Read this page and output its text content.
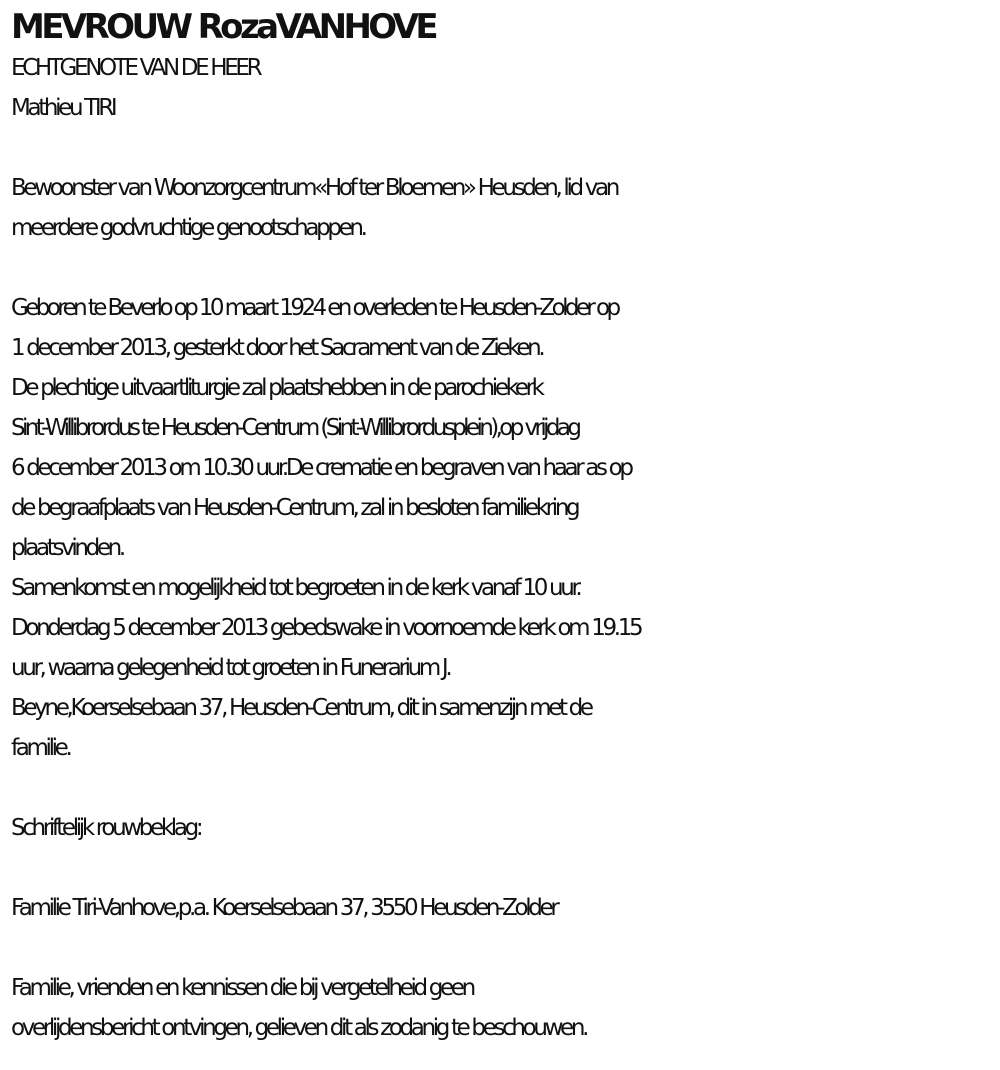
MEVROUW RozaVANHOVE
ECHTGENOTE VAN DE HEER
Mathieu TIRI
Bewoonster van Woonzorgcentrum«Hof ter Bloemen» Heusden, lid van
meerdere godvruchtige genootschappen.
Geboren te Beverlo op 10 maart 1924 en overleden te Heusden-Zolder op
1 december 2013, gesterkt door het Sacrament van de Zieken.
De plechtige uitvaartliturgie zal plaatshebben in de parochiekerk
Sint-Willibrordus te Heusden-Centrum (Sint-Willibrordusplein),op vrijdag
6 december 2013 om 10.30 uur.De crematie en begraven van haar as op
de begraafplaats van Heusden-Centrum, zal in besloten familiekring
plaatsvinden.
Samenkomst en mogelijkheid tot begroeten in de kerk vanaf 10 uur.
Donderdag 5 december 2013 gebedswake in voornoemde kerk om 19.15
uur, waarna gelegenheid tot groeten in Funerarium J.
Beyne,Koerselsebaan 37, Heusden-Centrum, dit in samenzijn met de
familie.
Schriftelijk rouwbeklag:
Familie Tiri-Vanhove,p.a. Koerselsebaan 37, 3550 Heusden-Zolder
Familie, vrienden en kennissen die bij vergetelheid geen
overlijdensbericht ontvingen, gelieven dit als zodanig te beschouwen.
